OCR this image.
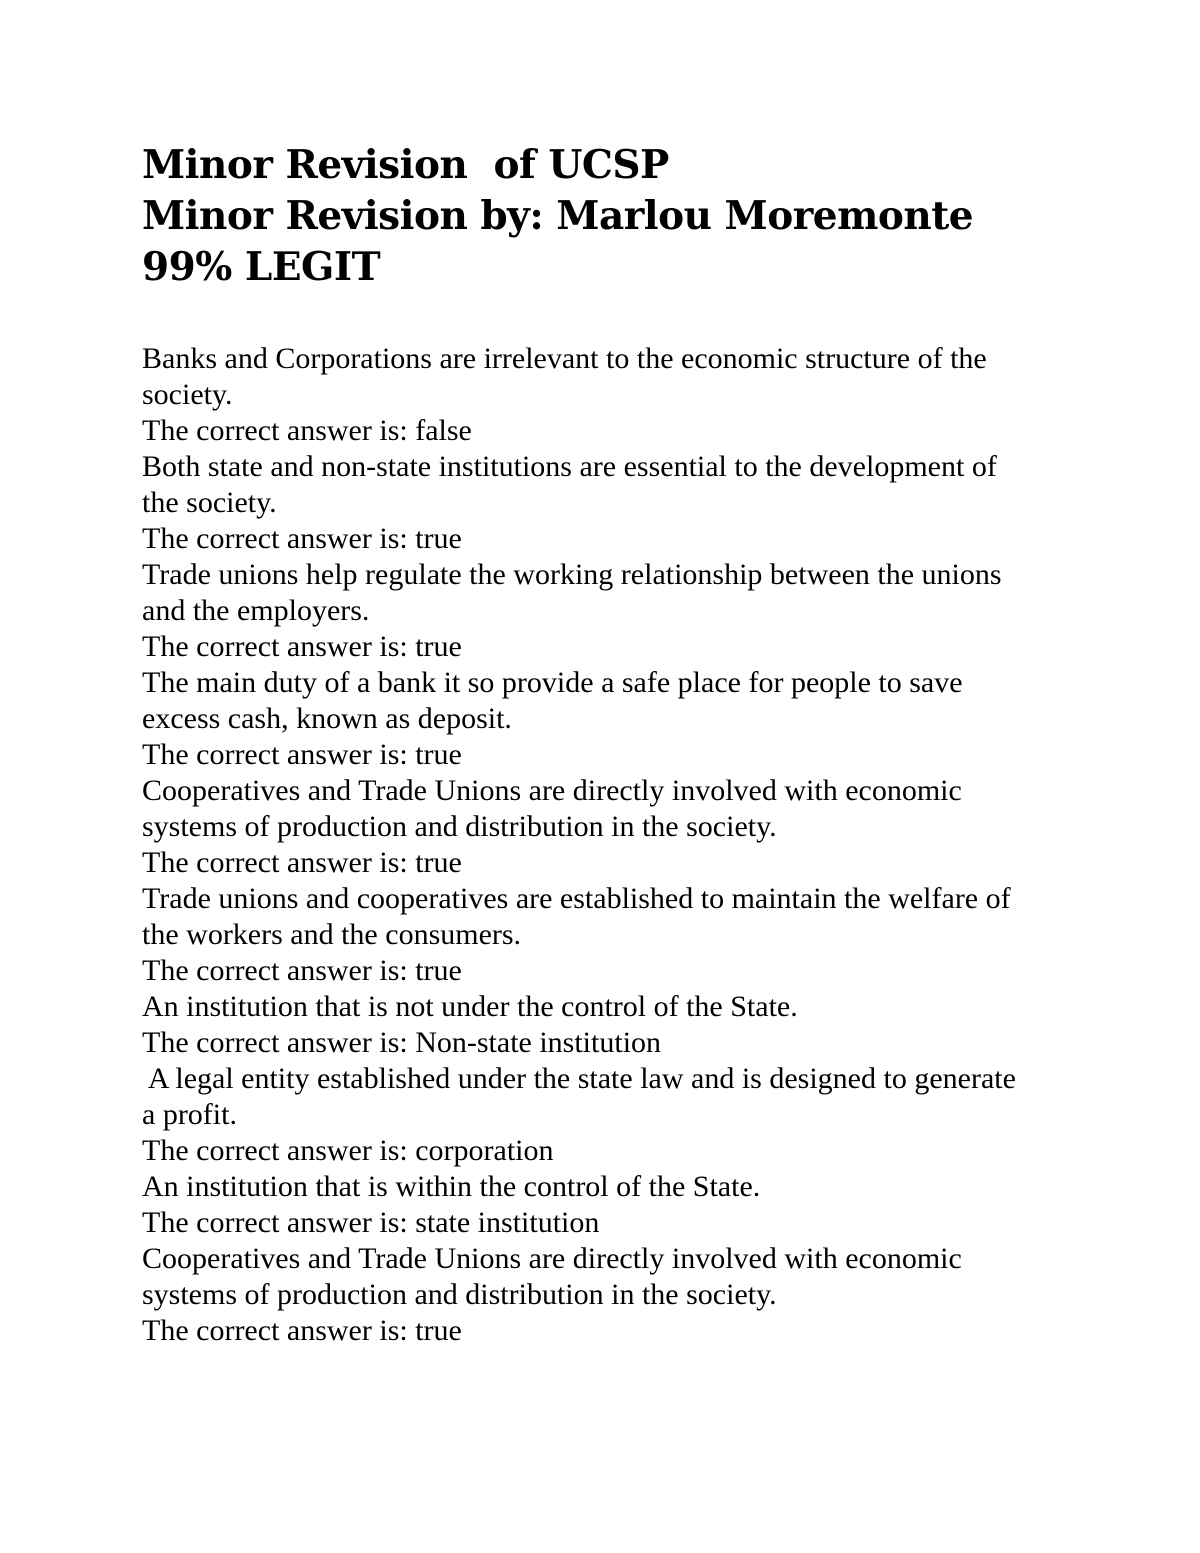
Minor Revision  of UCSP

Minor Revision by: Marlou Moremonte

99% LEGIT

Banks and Corporations are irrelevant to the economic structure of the

society.

The correct answer is: false

Both state and non-state institutions are essential to the development of

the society.

The correct answer is: true

Trade unions help regulate the working relationship between the unions

and the employers.

The correct answer is: true

The main duty of a bank it so provide a safe place for people to save

excess cash, known as deposit.

The correct answer is: true

Cooperatives and Trade Unions are directly involved with economic

systems of production and distribution in the society.

The correct answer is: true

Trade unions and cooperatives are established to maintain the welfare of

the workers and the consumers.

The correct answer is: true

An institution that is not under the control of the State.

The correct answer is: Non-state institution

A legal entity established under the state law and is designed to generate

a profit.

The correct answer is: corporation

An institution that is within the control of the State.

The correct answer is: state institution

Cooperatives and Trade Unions are directly involved with economic

systems of production and distribution in the society.

The correct answer is: true
